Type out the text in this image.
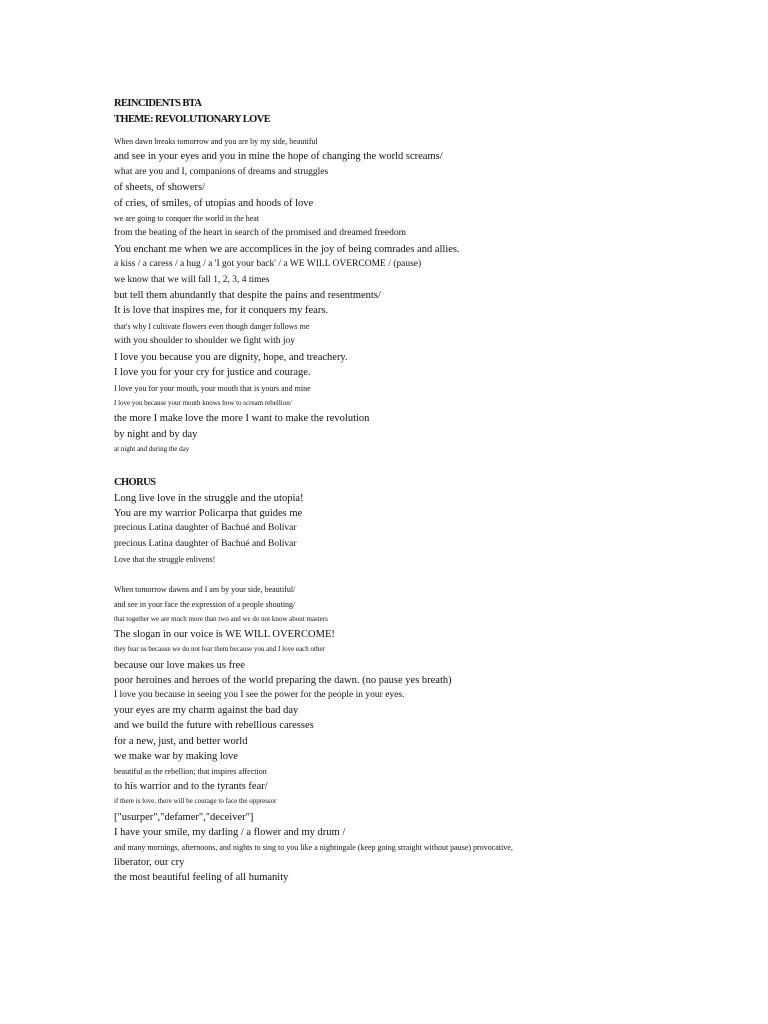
REINCIDENTS BTA
THEME: REVOLUTIONARY LOVE
When dawn breaks tomorrow and you are by my side, beautiful
and see in your eyes and you in mine the hope of changing the world screams/
what are you and I, companions of dreams and struggles
of sheets, of showers/
of cries, of smiles, of utopias and hoods of love
we are going to conquer the world in the heat
from the beating of the heart in search of the promised and dreamed freedom
You enchant me when we are accomplices in the joy of being comrades and allies.
a kiss / a caress / a hug / a 'I got your back' / a WE WILL OVERCOME / (pause)
we know that we will fall 1, 2, 3, 4 times
but tell them abundantly that despite the pains and resentments/
It is love that inspires me, for it conquers my fears.
that's why I cultivate flowers even though danger follows me
with you shoulder to shoulder we fight with joy
I love you because you are dignity, hope, and treachery.
I love you for your cry for justice and courage.
I love you for your mouth, your mouth that is yours and mine
I love you because your mouth knows how to scream rebellion/
the more I make love the more I want to make the revolution
by night and by day
at night and during the day
CHORUS
Long live love in the struggle and the utopia!
You are my warrior Policarpa that guides me
precious Latina daughter of Bachué and Bolívar
precious Latina daughter of Bachué and Bolívar
Love that the struggle enlivens!
When tomorrow dawns and I am by your side, beautiful/
and see in your face the expression of a people shouting/
that together we are much more than two and we do not know about masters
The slogan in our voice is WE WILL OVERCOME!
they fear us because we do not fear them because you and I love each other
because our love makes us free
poor heroines and heroes of the world preparing the dawn. (no pause yes breath)
I love you because in seeing you I see the power for the people in your eyes.
your eyes are my charm against the bad day
and we build the future with rebellious caresses
for a new, just, and better world
we make war by making love
beautiful as the rebellion; that inspires affection
to his warrior and to the tyrants fear/
if there is love, there will be courage to face the oppressor
["usurper","defamer","deceiver"]
I have your smile, my darling / a flower and my drum /
and many mornings, afternoons, and nights to sing to you like a nightingale (keep going straight without pause) provocative,
liberator, our cry
the most beautiful feeling of all humanity
